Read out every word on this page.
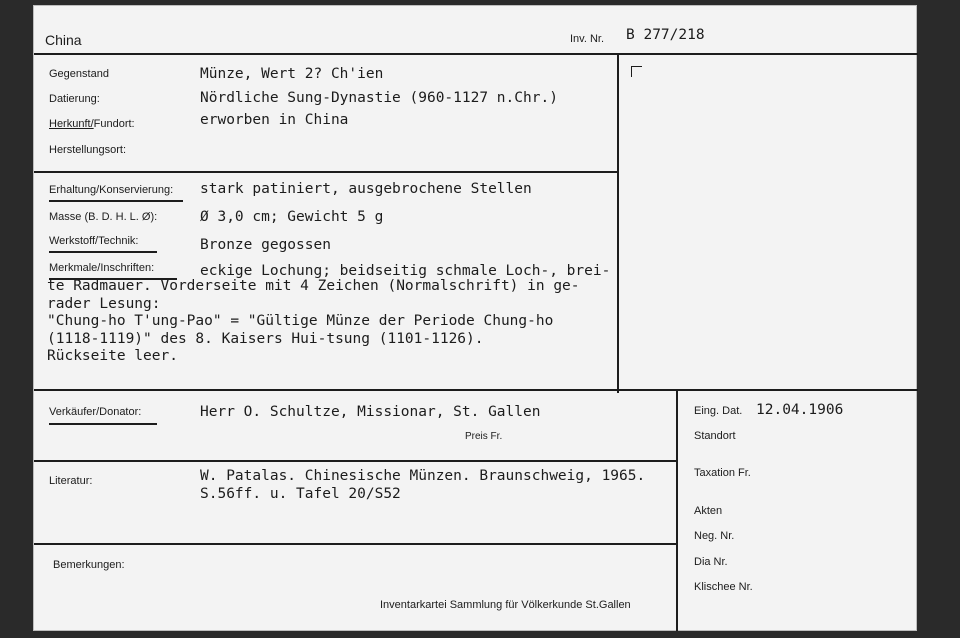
China	Inv. Nr. B 277/218
Gegenstand	Münze, Wert 2? Ch'ien
Datierung:	Nördliche Sung-Dynastie (960-1127 n.Chr.)
Herkunft/Fundort:	erworben in China
Herstellungsort:
Erhaltung/Konservierung: stark patiniert, ausgebrochene Stellen
Masse (B. D. H. L. Ø):	Ø 3,0 cm; Gewicht 5 g
Werkstoff/Technik:	Bronze gegossen
Merkmale/Inschriften:	eckige Lochung; beidseitig schmale Loch-, brei-
te Radmauer. Vorderseite mit 4 Zeichen (Normalschrift) in ge-
rader Lesung:
"Chung-ho T'ung-Pao" = "Gültige Münze der Periode Chung-ho
(1118-1119)" des 8. Kaisers Hui-tsung (1101-1126).
Rückseite leer.
Verkäufer/Donator:	Herr O. Schultze, Missionar, St. Gallen
Preis Fr.
Literatur:	W. Patalas. Chinesische Münzen. Braunschweig, 1965.
S.56ff. u. Tafel 20/S52
Bemerkungen:
Inventarkartei Sammlung für Völkerkunde St.Gallen
Eing. Dat. 12.04.1906
Standort
Taxation Fr.
Akten
Neg. Nr.
Dia Nr.
Klischee Nr.
